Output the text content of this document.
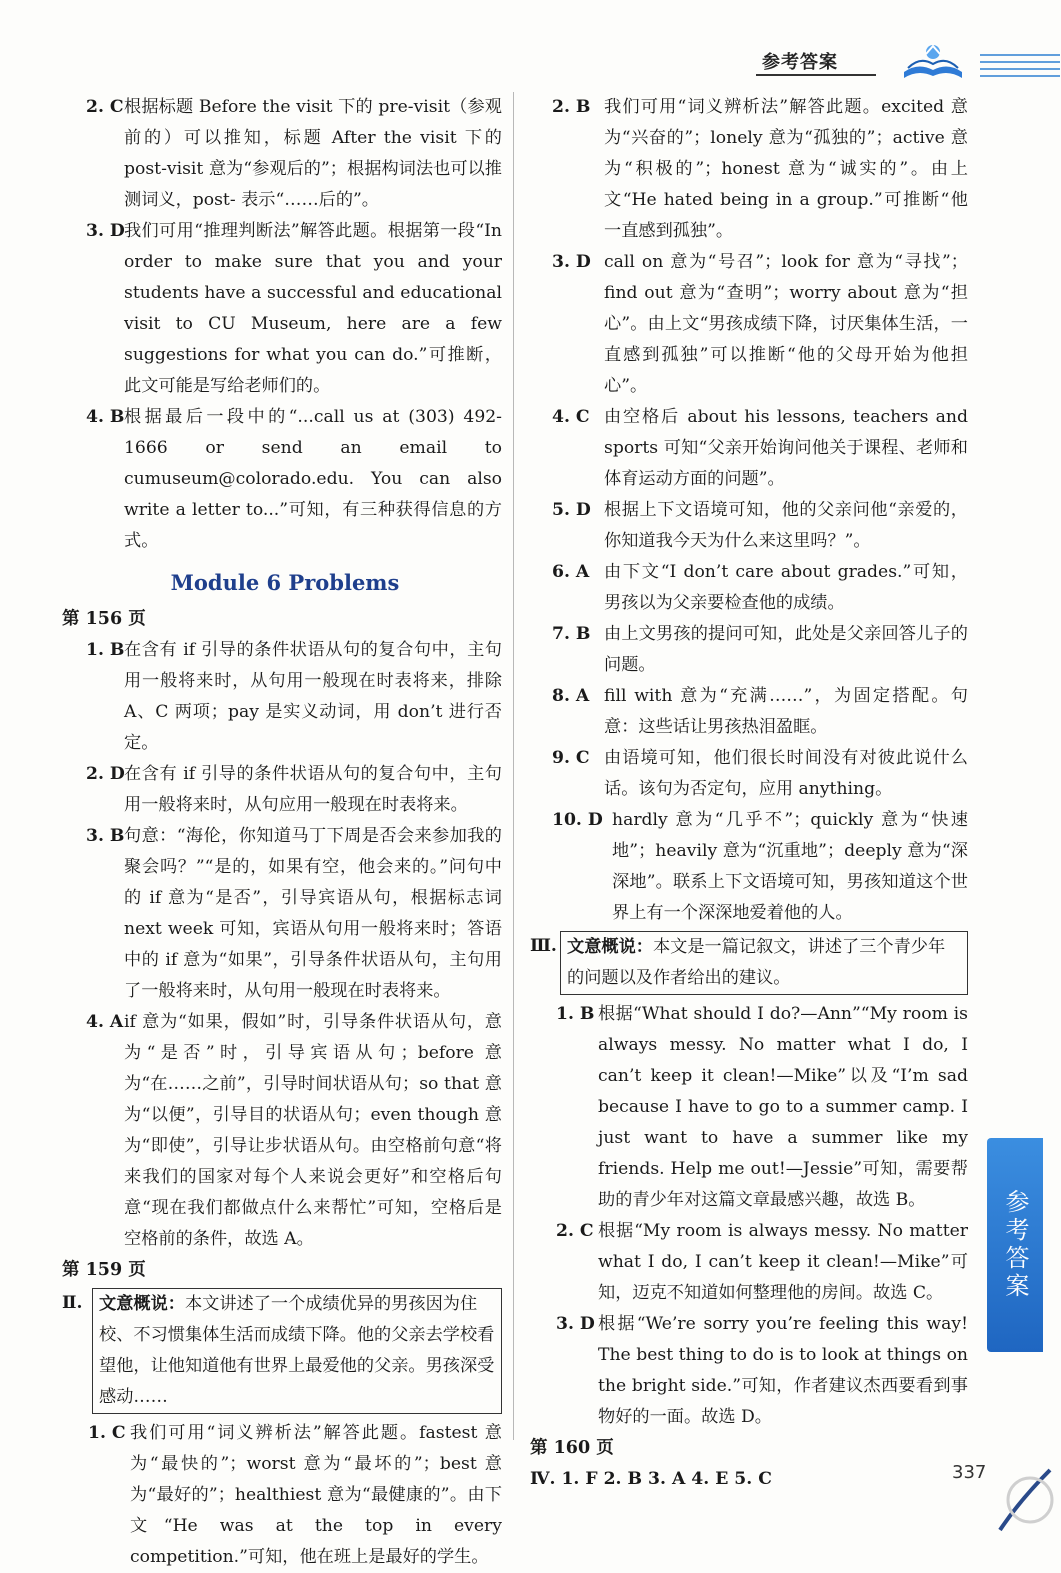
参考答案
2. C 根据标题 Before the visit 下的 pre-visit（参观前的）可以推知，标题 After the visit 下的 post-visit 意为“参观后的”；根据构词法也可以推测词义，post- 表示“……后的”。
3. D 我们可用“推理判断法”解答此题。根据第一段“In order to make sure that you and your students have a successful and educational visit to CU Museum, here are a few suggestions for what you can do.”可推断，此文可能是写给老师们的。
4. B 根据最后一段中的“...call us at (303) 492-1666 or send an email to cumuseum@colorado.edu. You can also write a letter to...”可知，有三种获得信息的方式。
Module 6 Problems
第 156 页
1. B 在含有 if 引导的条件状语从句的复合句中，主句用一般将来时，从句用一般现在时表将来，排除 A、C 两项；pay 是实义动词，用 don’t 进行否定。
2. D 在含有 if 引导的条件状语从句的复合句中，主句用一般将来时，从句应用一般现在时表将来。
3. B 句意：“海伦，你知道马丁下周是否会来参加我的聚会吗？”“是的，如果有空，他会来的。”问句中的 if 意为“是否”，引导宾语从句，根据标志词 next week 可知，宾语从句用一般将来时；答语中的 if 意为“如果”，引导条件状语从句，主句用了一般将来时，从句用一般现在时表将来。
4. A if 意为“如果，假如”时，引导条件状语从句，意为“是否”时，引导宾语从句；before 意为“在……之前”，引导时间状语从句；so that 意为“以便”，引导目的状语从句；even though 意为“即使”，引导让步状语从句。由空格前句意“将来我们的国家对每个人来说会更好”和空格后句意“现在我们都做点什么来帮忙”可知，空格后是空格前的条件，故选 A。
第 159 页
Ⅱ. 文意概说：本文讲述了一个成绩优异的男孩因为住校、不习惯集体生活而成绩下降。他的父亲去学校看望他，让他知道他有世界上最爱他的父亲。男孩深受感动……
1. C 我们可用“词义辨析法”解答此题。fastest 意为“最快的”；worst 意为“最坏的”；best 意为“最好的”；healthiest 意为“最健康的”。由下文“He was at the top in every competition.”可知，他在班上是最好的学生。
2. B 我们可用“词义辨析法”解答此题。excited 意为“兴奋的”；lonely 意为“孤独的”；active 意为“积极的”；honest 意为“诚实的”。由上文“He hated being in a group.”可推断“他一直感到孤独”。
3. D call on 意为“号召”；look for 意为“寻找”；find out 意为“查明”；worry about 意为“担心”。由上文“男孩成绩下降，讨厌集体生活，一直感到孤独”可以推断“他的父母开始为他担心”。
4. C 由空格后 about his lessons, teachers and sports 可知“父亲开始询问他关于课程、老师和体育运动方面的问题”。
5. D 根据上下文语境可知，他的父亲问他“亲爱的，你知道我今天为什么来这里吗？”。
6. A 由下文“I don’t care about grades.”可知，男孩以为父亲要检查他的成绩。
7. B 由上文男孩的提问可知，此处是父亲回答儿子的问题。
8. A fill with 意为“充满……”，为固定搭配。句意：这些话让男孩热泪盈眶。
9. C 由语境可知，他们很长时间没有对彼此说什么话。该句为否定句，应用 anything。
10. D hardly 意为“几乎不”；quickly 意为“快速地”；heavily 意为“沉重地”；deeply 意为“深深地”。联系上下文语境可知，男孩知道这个世界上有一个深深地爱着他的人。
Ⅲ. 文意概说：本文是一篇记叙文，讲述了三个青少年的问题以及作者给出的建议。
1. B 根据“What should I do?—Ann”“My room is always messy. No matter what I do, I can’t keep it clean!—Mike”以及“I’m sad because I have to go to a summer camp. I just want to have a summer like my friends. Help me out!—Jessie”可知，需要帮助的青少年对这篇文章最感兴趣，故选 B。
2. C 根据“My room is always messy. No matter what I do, I can’t keep it clean!—Mike”可知，迈克不知道如何整理他的房间。故选 C。
3. D 根据“We’re sorry you’re feeling this way! The best thing to do is to look at things on the bright side.”可知，作者建议杰西要看到事物好的一面。故选 D。
第 160 页
Ⅳ. 1. F 2. B 3. A 4. E 5. C
参考答案
337
